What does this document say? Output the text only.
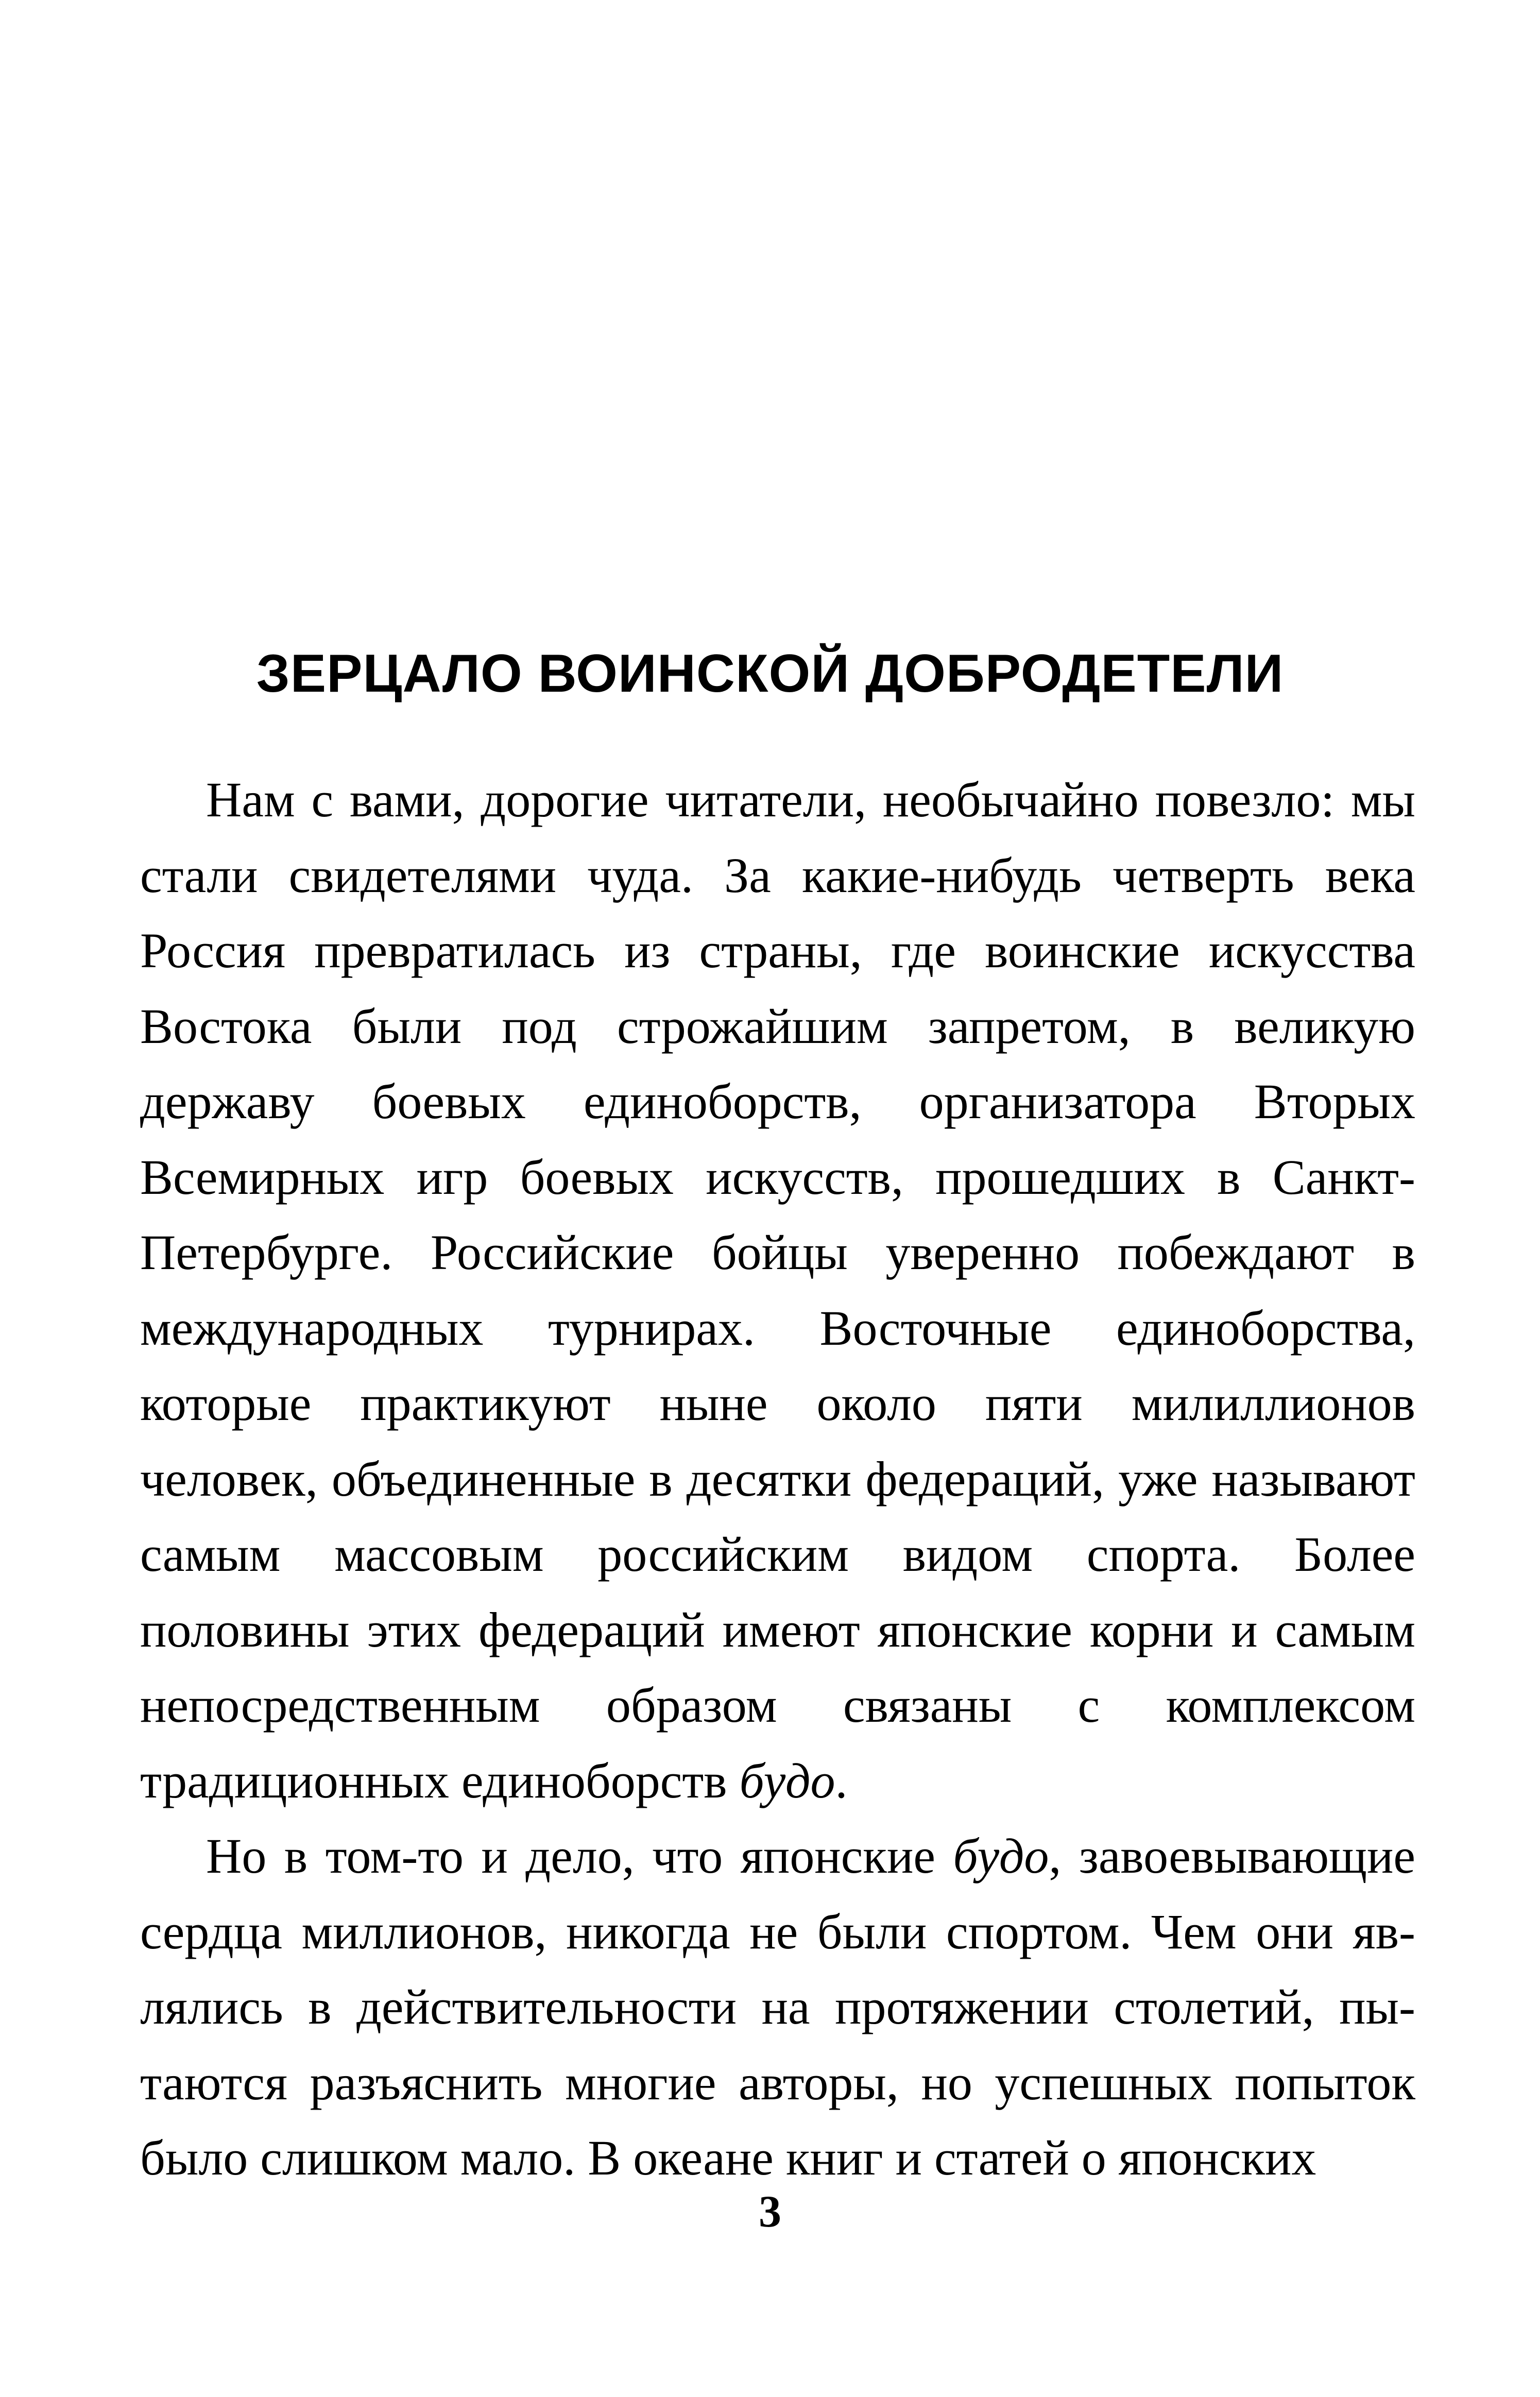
ЗЕРЦАЛО ВОИНСКОЙ ДОБРОДЕТЕЛИ

Нам с вами, дорогие читатели, необычайно повезло: мы стали свидетелями чуда. За какие-нибудь четверть века Россия превратилась из страны, где воинские искусства Востока были под строжайшим запретом, в великую державу боевых единоборств, организатора Вторых Всемирных игр боевых искусств, прошедших в Санкт-Петербурге. Российские бойцы уверенно побеждают в международных турнирах. Восточные единоборства, которые практикуют ныне около пяти милиллионов человек, объединенные в десятки федераций, уже называют самым массовым российским видом спорта. Более половины этих федераций имеют японские корни и самым непосредственным образом связаны с комплексом традиционных единоборств будо.

Но в том-то и дело, что японские будо, завоевывающие сердца миллионов, никогда не были спортом. Чем они являлись в действительности на протяжении столетий, пытаются разъяснить многие авторы, но успешных попыток было слишком мало. В океане книг и статей о японских

3
